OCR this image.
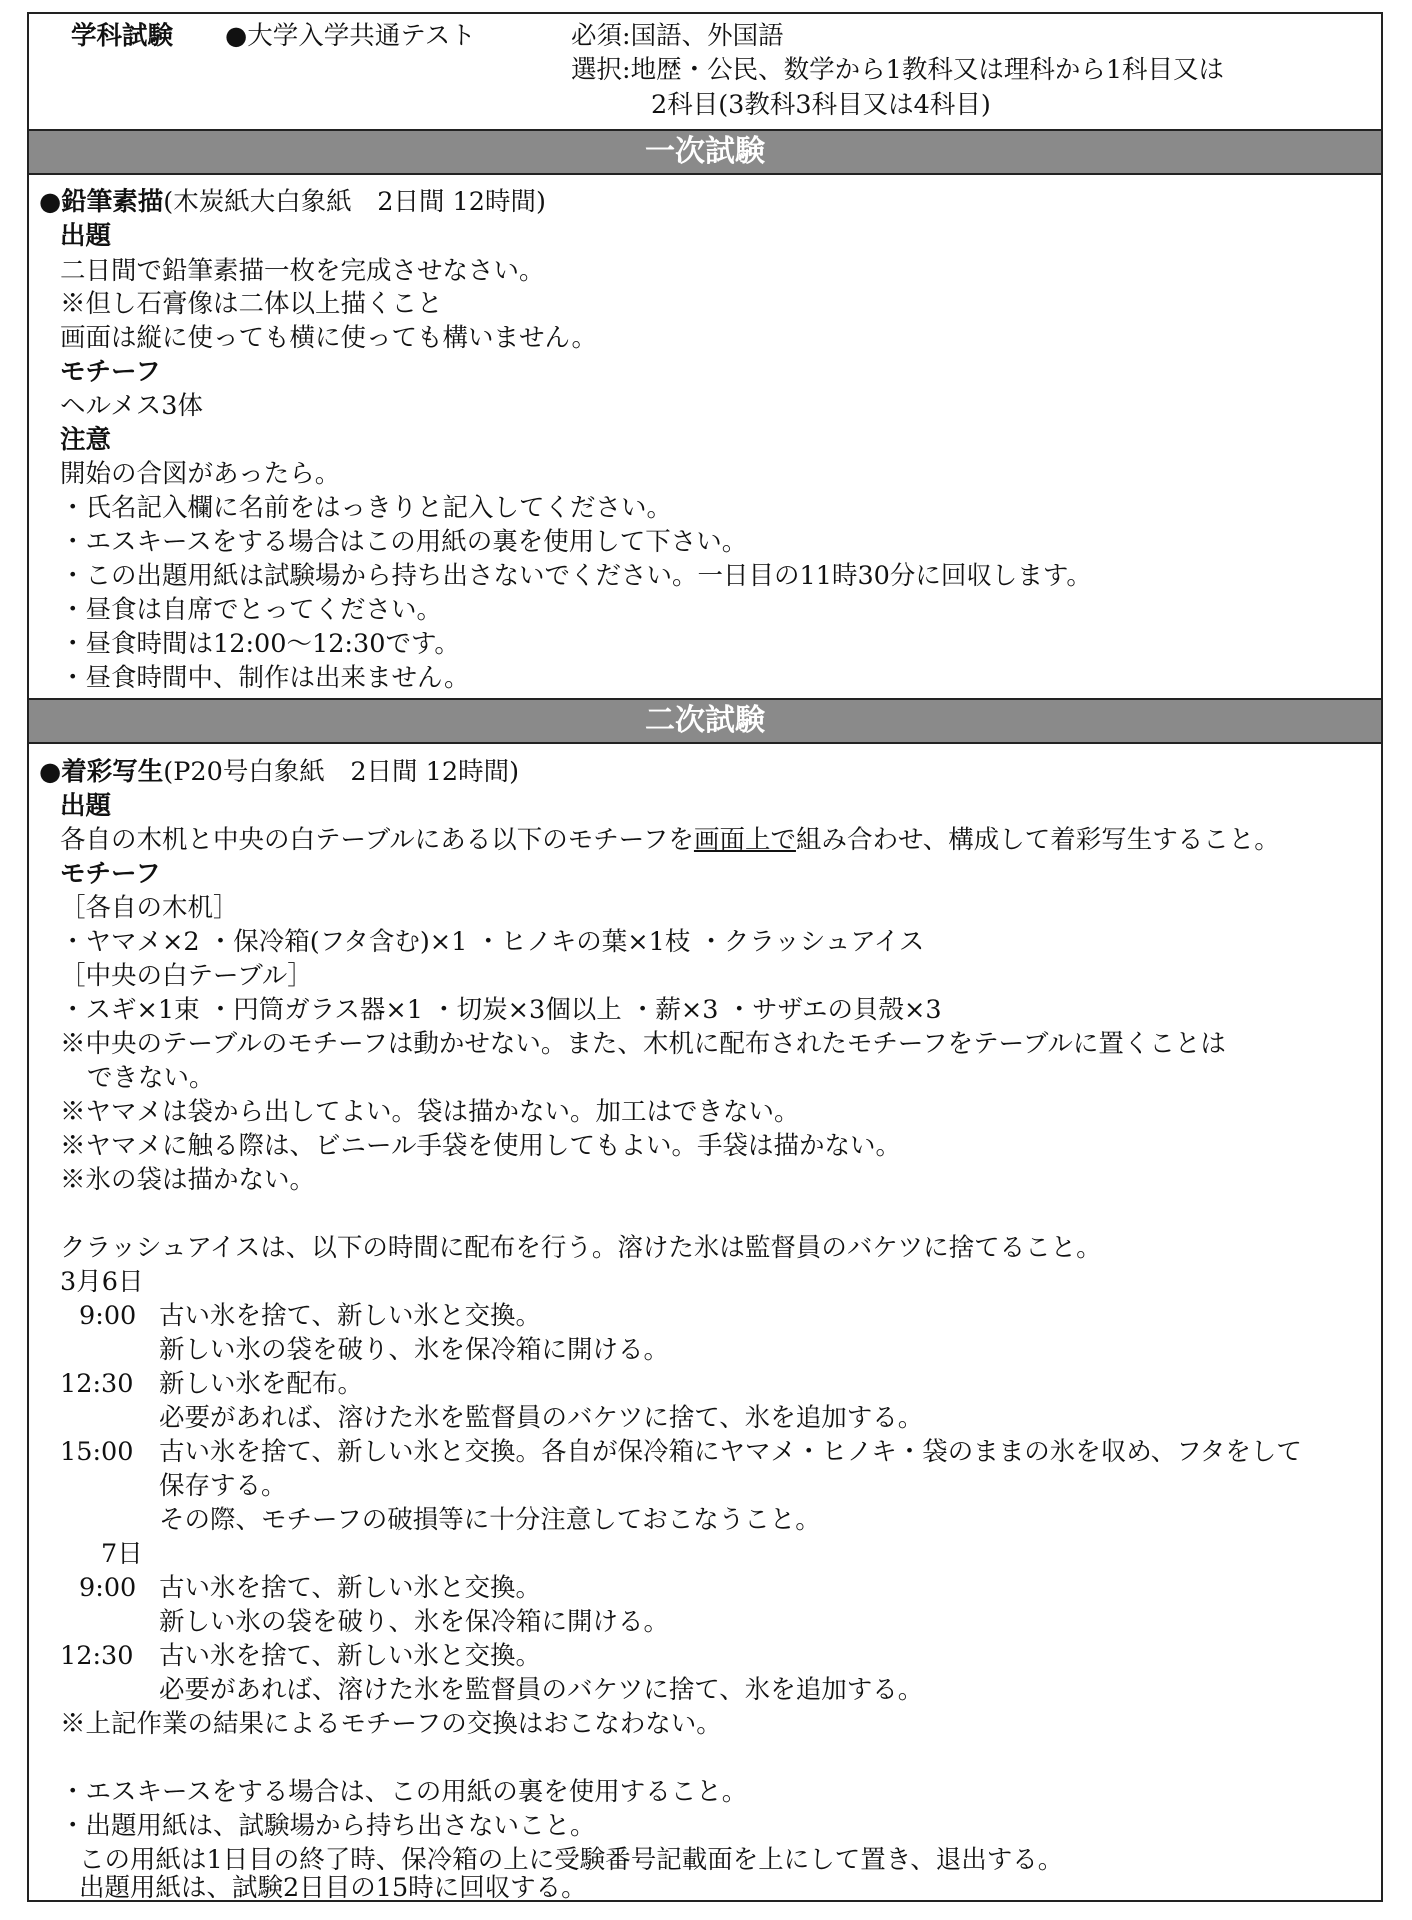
学科試験 ●大学入学共通テスト	必須:国語、外国語
選択:地歴・公民、数学から1教科又は理科から1科目又は
2科目(3教科3科目又は4科目)
一次試験
●鉛筆素描(木炭紙大白象紙　2日間 12時間)
出題
二日間で鉛筆素描一枚を完成させなさい。
※但し石膏像は二体以上描くこと
画面は縦に使っても横に使っても構いません。
モチーフ
ヘルメス3体
注意
開始の合図があったら。
・氏名記入欄に名前をはっきりと記入してください。
・エスキースをする場合はこの用紙の裏を使用して下さい。
・この出題用紙は試験場から持ち出さないでください。一日目の11時30分に回収します。
・昼食は自席でとってください。
・昼食時間は12:00～12:30です。
・昼食時間中、制作は出来ません。
二次試験
●着彩写生(P20号白象紙　2日間 12時間)
出題
各自の木机と中央の白テーブルにある以下のモチーフを画面上で組み合わせ、構成して着彩写生すること。
モチーフ
［各自の木机］
・ヤマメ×2 ・保冷箱(フタ含む)×1 ・ヒノキの葉×1枝 ・クラッシュアイス
［中央の白テーブル］
・スギ×1束 ・円筒ガラス器×1 ・切炭×3個以上 ・薪×3 ・サザエの貝殻×3
※中央のテーブルのモチーフは動かせない。また、木机に配布されたモチーフをテーブルに置くことは
できない。
※ヤマメは袋から出してよい。袋は描かない。加工はできない。
※ヤマメに触る際は、ビニール手袋を使用してもよい。手袋は描かない。
※氷の袋は描かない。
クラッシュアイスは、以下の時間に配布を行う。溶けた氷は監督員のバケツに捨てること。
3月6日
9:00 古い氷を捨て、新しい氷と交換。
新しい氷の袋を破り、氷を保冷箱に開ける。
12:30 新しい氷を配布。
必要があれば、溶けた氷を監督員のバケツに捨て、氷を追加する。
15:00 古い氷を捨て、新しい氷と交換。各自が保冷箱にヤマメ・ヒノキ・袋のままの氷を収め、フタをして
保存する。
その際、モチーフの破損等に十分注意しておこなうこと。
7日
9:00 古い氷を捨て、新しい氷と交換。
新しい氷の袋を破り、氷を保冷箱に開ける。
12:30 古い氷を捨て、新しい氷と交換。
必要があれば、溶けた氷を監督員のバケツに捨て、氷を追加する。
※上記作業の結果によるモチーフの交換はおこなわない。
・エスキースをする場合は、この用紙の裏を使用すること。
・出題用紙は、試験場から持ち出さないこと。
この用紙は1日目の終了時、保冷箱の上に受験番号記載面を上にして置き、退出する。
出題用紙は、試験2日目の15時に回収する。
